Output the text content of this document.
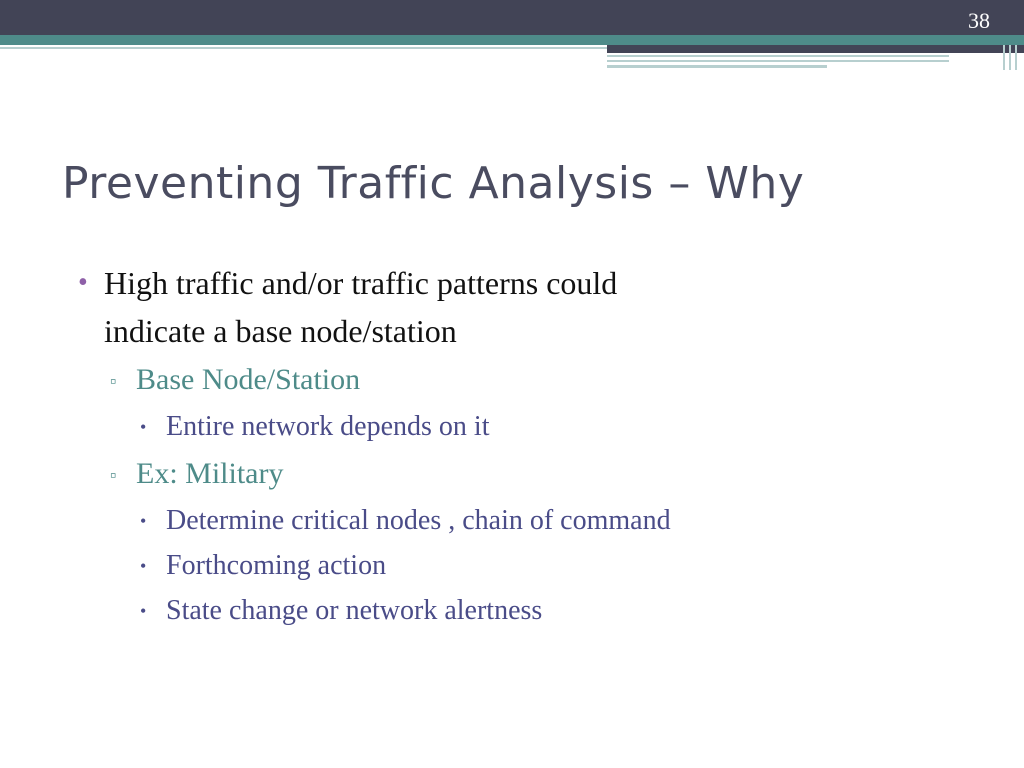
38
Preventing Traffic Analysis – Why
• High traffic and/or traffic patterns could
indicate a base node/station
▫ Base Node/Station
• Entire network depends on it
▫ Ex: Military
• Determine critical nodes , chain of command
• Forthcoming action
• State change or network alertness
